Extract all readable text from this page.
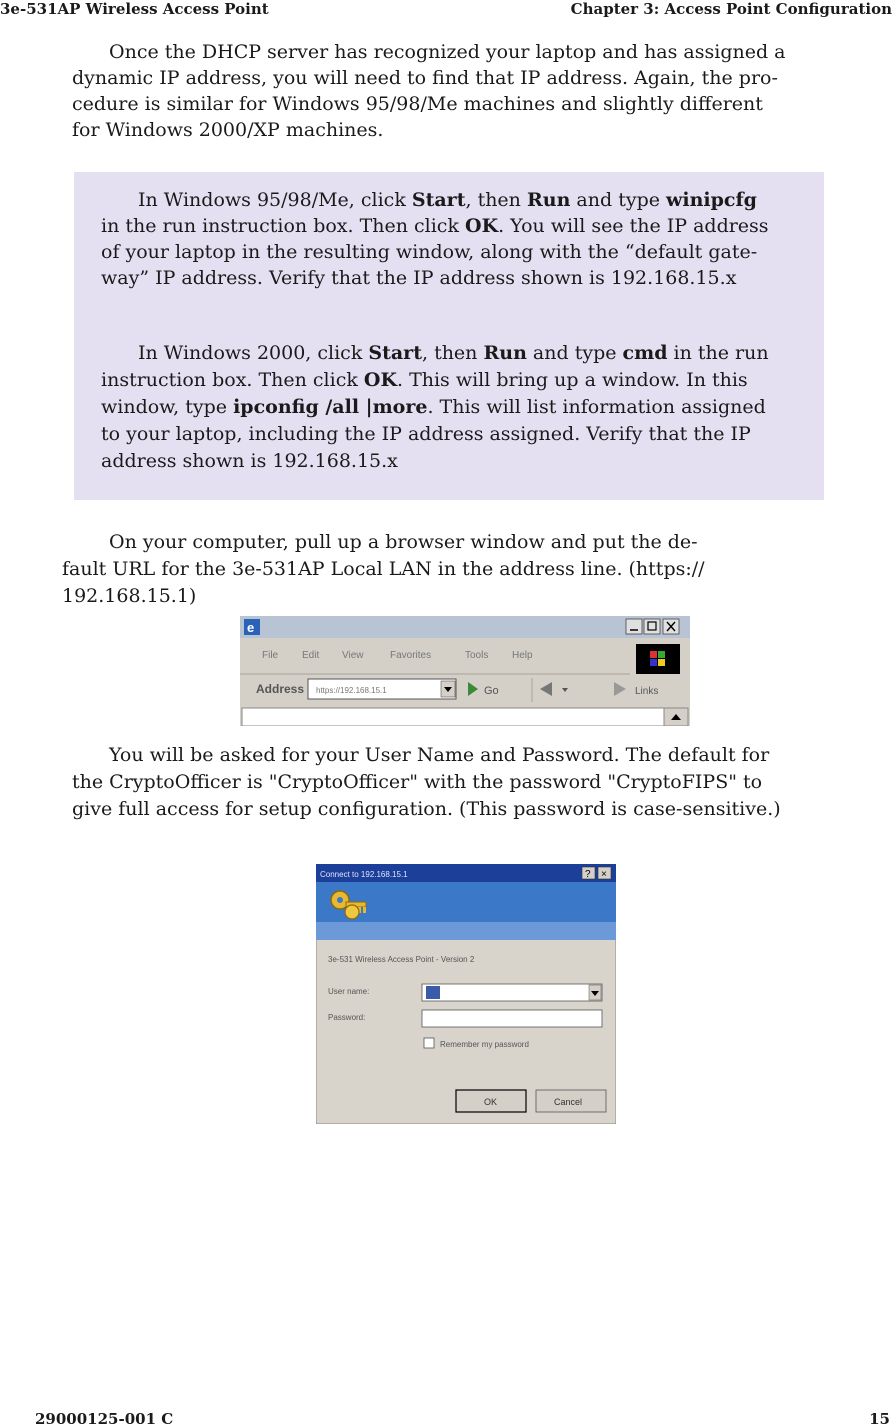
3e-531AP Wireless Access Point	Chapter 3: Access Point Configuration

Once the DHCP server has recognized your laptop and has assigned a

dynamic IP address, you will need to find that IP address. Again, the pro-

cedure is similar for Windows 95/98/Me machines and slightly different

for Windows 2000/XP machines.

In Windows 95/98/Me, click Start, then Run and type winipcfg

in the run instruction box. Then click OK. You will see the IP address

of your laptop in the resulting window, along with the “default gate-

way” IP address. Verify that the IP address shown is 192.168.15.x

In Windows 2000, click Start, then Run and type cmd in the run

instruction box. Then click OK. This will bring up a window. In this

window, type ipconfig /all |more. This will list information assigned

to your laptop, including the IP address assigned. Verify that the IP

address shown is 192.168.15.x

On your computer, pull up a browser window and put the de-

fault URL for the 3e-531AP Local LAN in the address line. (https://

192.168.15.1)

e
File Edit View	Favorites	Tools Help
Address https://192.168.15.1	Go	Links

You will be asked for your User Name and Password. The default for

the CryptoOfficer is "CryptoOfficer" with the password "CryptoFIPS" to

give full access for setup configuration. (This password is case-sensitive.)

Connect to 192.168.15.1	? ×
3e-531 Wireless Access Point - Version 2
User name:
Password:
Remember my password
OK	Cancel
29000125-001 C	15
